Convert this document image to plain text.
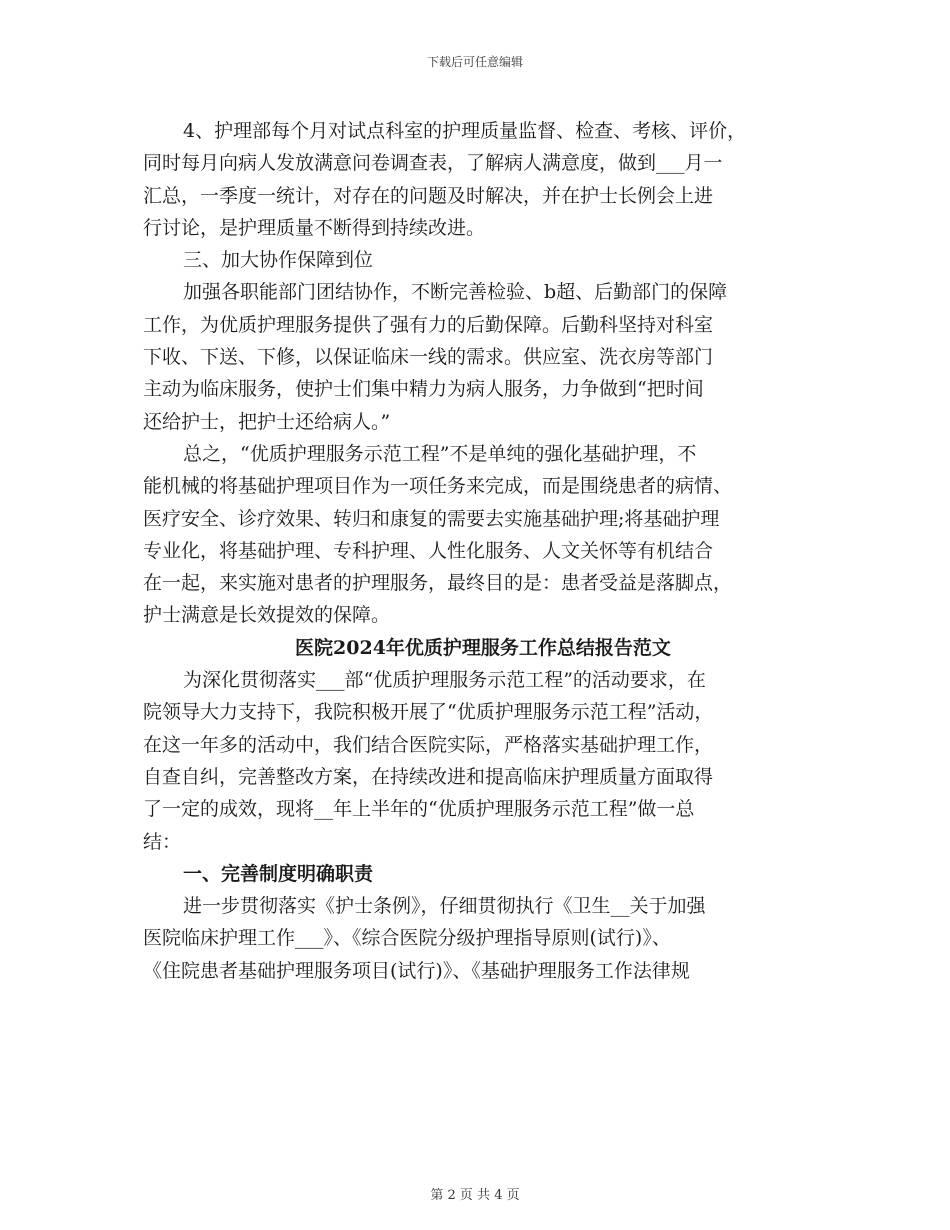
下载后可任意编辑
4、护理部每个月对试点科室的护理质量监督、检查、考核、评价，
同时每月向病人发放满意问卷调查表，了解病人满意度，做到___月一
汇总，一季度一统计，对存在的问题及时解决，并在护士长例会上进
行讨论，是护理质量不断得到持续改进。
三、加大协作保障到位
加强各职能部门团结协作，不断完善检验、b超、后勤部门的保障
工作，为优质护理服务提供了强有力的后勤保障。后勤科坚持对科室
下收、下送、下修，以保证临床一线的需求。供应室、洗衣房等部门
主动为临床服务，使护士们集中精力为病人服务，力争做到“把时间
还给护士，把护士还给病人。”
总之，“优质护理服务示范工程”不是单纯的强化基础护理，不
能机械的将基础护理项目作为一项任务来完成，而是围绕患者的病情、
医疗安全、诊疗效果、转归和康复的需要去实施基础护理;将基础护理
专业化，将基础护理、专科护理、人性化服务、人文关怀等有机结合
在一起，来实施对患者的护理服务，最终目的是：患者受益是落脚点，
护士满意是长效提效的保障。
医院2024年优质护理服务工作总结报告范文
为深化贯彻落实___部“优质护理服务示范工程”的活动要求，在
院领导大力支持下，我院积极开展了“优质护理服务示范工程”活动，
在这一年多的活动中，我们结合医院实际，严格落实基础护理工作，
自查自纠，完善整改方案，在持续改进和提高临床护理质量方面取得
了一定的成效，现将__年上半年的“优质护理服务示范工程”做一总
结：
一、完善制度明确职责
进一步贯彻落实《护士条例》，仔细贯彻执行《卫生__关于加强
医院临床护理工作___》、《综合医院分级护理指导原则(试行)》、
《住院患者基础护理服务项目(试行)》、《基础护理服务工作法律规
第 2 页 共 4 页
